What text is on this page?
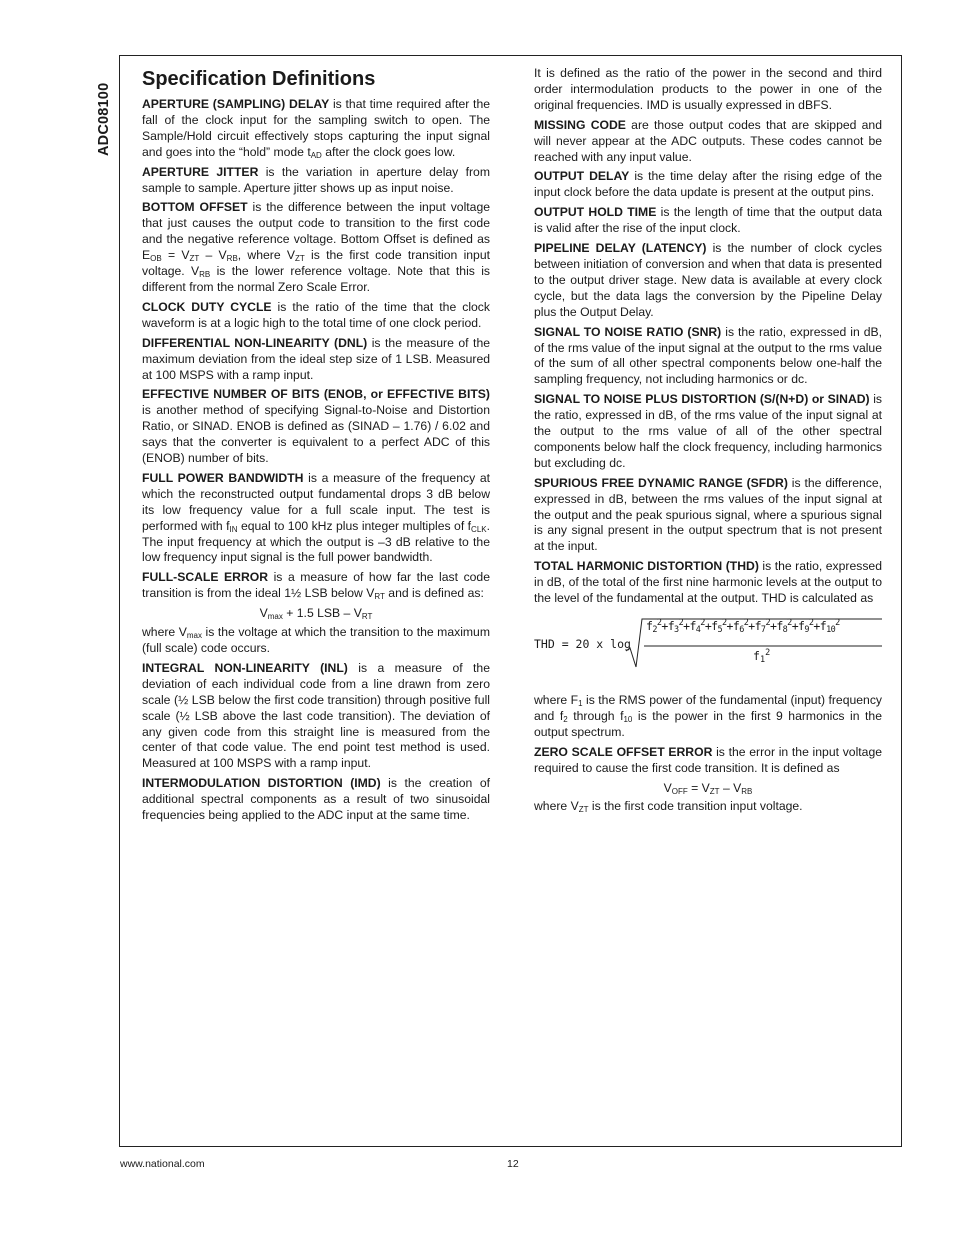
ADC08100
Specification Definitions

APERTURE (SAMPLING) DELAY is that time required after the fall of the clock input for the sampling switch to open. The Sample/Hold circuit effectively stops capturing the input signal and goes into the “hold” mode $t_{AD}$ after the clock goes low.

APERTURE JITTER is the variation in aperture delay from sample to sample. Aperture jitter shows up as input noise.

BOTTOM OFFSET is the difference between the input voltage that just causes the output code to transition to the first code and the negative reference voltage. Bottom Offset is defined as $E_{OB} = V_{ZT} - V_{RB}$, where $V_{ZT}$ is the first code transition input voltage. $V_{RB}$ is the lower reference voltage. Note that this is different from the normal Zero Scale Error.

CLOCK DUTY CYCLE is the ratio of the time that the clock waveform is at a logic high to the total time of one clock period.

DIFFERENTIAL NON-LINEARITY (DNL) is the measure of the maximum deviation from the ideal step size of 1 LSB. Measured at 100 MSPS with a ramp input.

EFFECTIVE NUMBER OF BITS (ENOB, or EFFECTIVE BITS) is another method of specifying Signal-to-Noise and Distortion Ratio, or SINAD. ENOB is defined as (SINAD – 1.76) / 6.02 and says that the converter is equivalent to a perfect ADC of this (ENOB) number of bits.

FULL POWER BANDWIDTH is a measure of the frequency at which the reconstructed output fundamental drops 3 dB below its low frequency value for a full scale input. The test is performed with $f_{IN}$ equal to 100 kHz plus integer multiples of $f_{CLK}$. The input frequency at which the output is –3 dB relative to the low frequency input signal is the full power bandwidth.

FULL-SCALE ERROR is a measure of how far the last code transition is from the ideal 1½ LSB below $V_{RT}$ and is defined as:

$V_{max} + 1.5$ LSB – $V_{RT}$

where $V_{max}$ is the voltage at which the transition to the maximum (full scale) code occurs.

INTEGRAL NON-LINEARITY (INL) is a measure of the deviation of each individual code from a line drawn from zero scale (½ LSB below the first code transition) through positive full scale (½ LSB above the last code transition). The deviation of any given code from this straight line is measured from the center of that code value. The end point test method is used. Measured at 100 MSPS with a ramp input.

INTERMODULATION DISTORTION (IMD) is the creation of additional spectral components as a result of two sinusoidal frequencies being applied to the ADC input at the same time.

It is defined as the ratio of the power in the second and third order intermodulation products to the power in one of the original frequencies. IMD is usually expressed in dBFS.

MISSING CODE are those output codes that are skipped and will never appear at the ADC outputs. These codes cannot be reached with any input value.

OUTPUT DELAY is the time delay after the rising edge of the input clock before the data update is present at the output pins.

OUTPUT HOLD TIME is the length of time that the output data is valid after the rise of the input clock.

PIPELINE DELAY (LATENCY) is the number of clock cycles between initiation of conversion and when that data is presented to the output driver stage. New data is available at every clock cycle, but the data lags the conversion by the Pipeline Delay plus the Output Delay.

SIGNAL TO NOISE RATIO (SNR) is the ratio, expressed in dB, of the rms value of the input signal at the output to the rms value of the sum of all other spectral components below one-half the sampling frequency, not including harmonics or dc.

SIGNAL TO NOISE PLUS DISTORTION (S/(N+D) or SINAD) is the ratio, expressed in dB, of the rms value of the input signal at the output to the rms value of all of the other spectral components below half the clock frequency, including harmonics but excluding dc.

SPURIOUS FREE DYNAMIC RANGE (SFDR) is the difference, expressed in dB, between the rms values of the input signal at the output and the peak spurious signal, where a spurious signal is any signal present in the output spectrum that is not present at the input.

TOTAL HARMONIC DISTORTION (THD) is the ratio, expressed in dB, of the total of the first nine harmonic levels at the output to the level of the fundamental at the output. THD is calculated as

THD = 20 x log
$f_2^2+f_3^2+f_4^2+f_5^2+f_6^2+f_7^2+f_8^2+f_9^2+f_{10}^2$
$f_1^2$

where $F_1$ is the RMS power of the fundamental (input) frequency and $f_2$ through $f_{10}$ is the power in the first 9 harmonics in the output spectrum.

ZERO SCALE OFFSET ERROR is the error in the input voltage required to cause the first code transition. It is defined as

$V_{OFF} = V_{ZT} - V_{RB}$

where $V_{ZT}$ is the first code transition input voltage.

www.national.com	12
